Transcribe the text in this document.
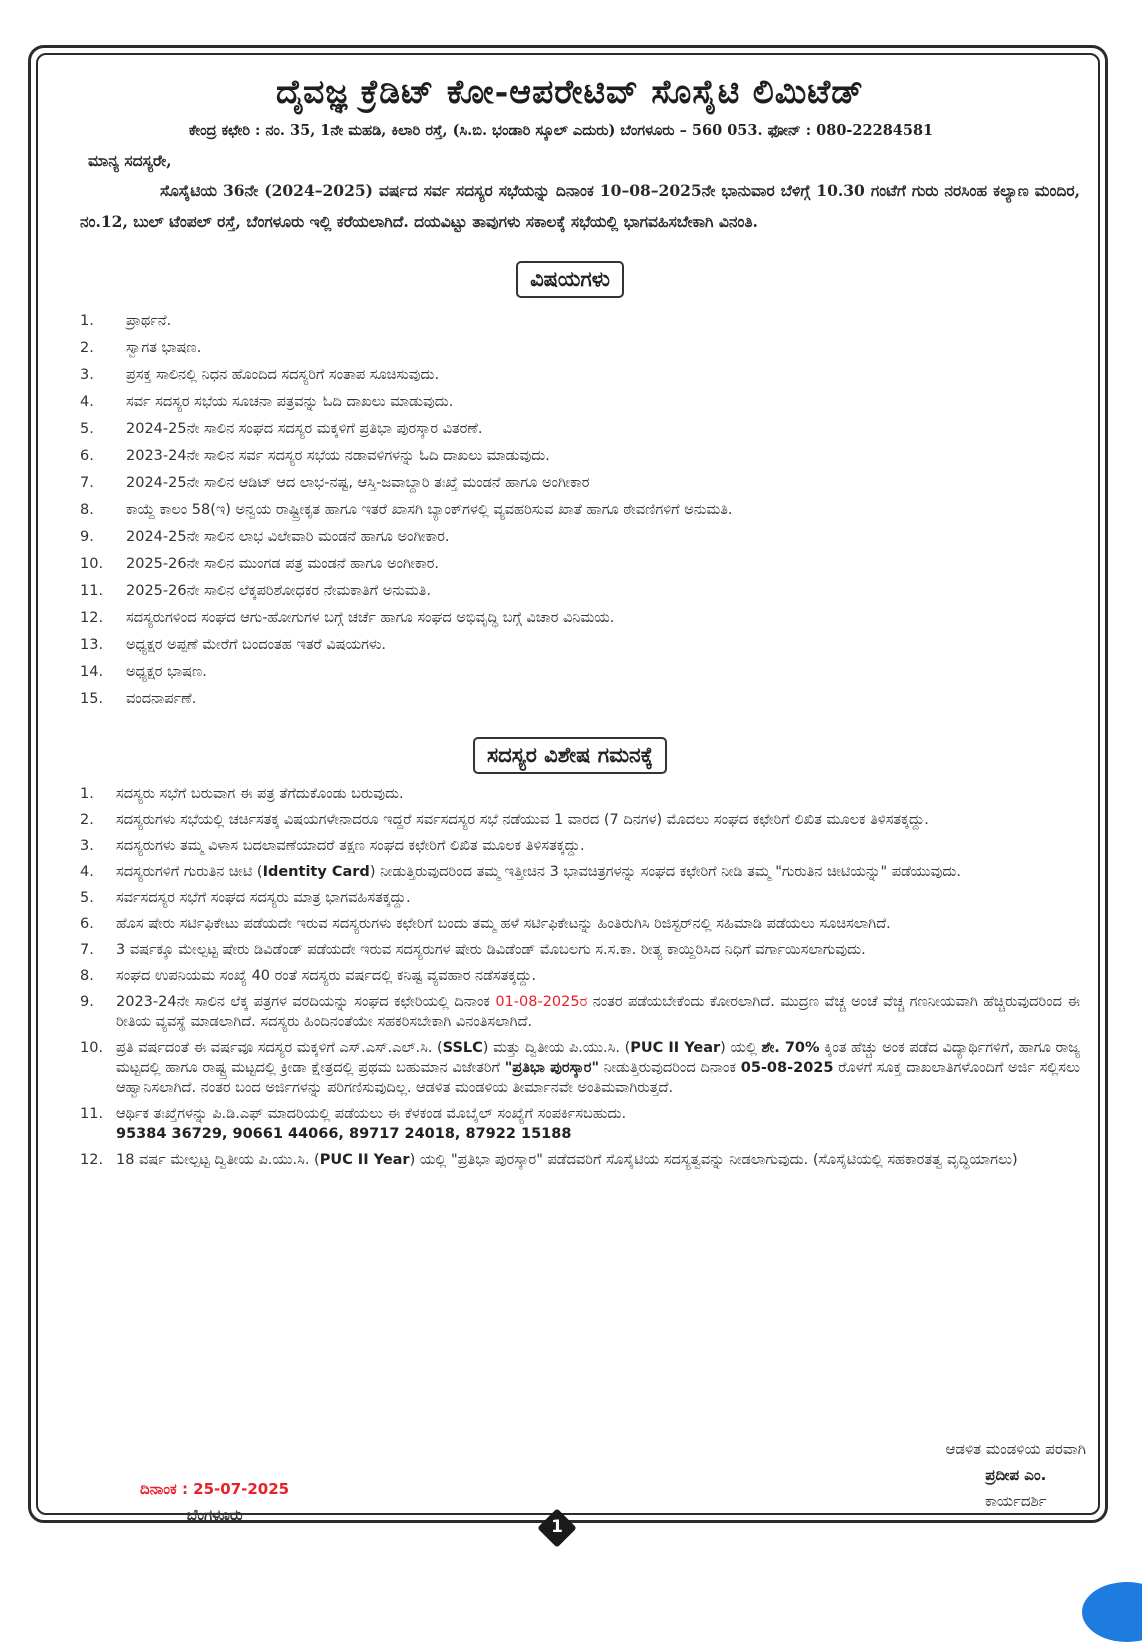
ದೈವಜ್ಞ ಕ್ರೆಡಿಟ್ ಕೋ-ಆಪರೇಟಿವ್ ಸೊಸೈಟಿ ಲಿಮಿಟೆಡ್
ಕೇಂದ್ರ ಕಛೇರಿ : ನಂ. 35, 1ನೇ ಮಹಡಿ, ಕಿಲಾರಿ ರಸ್ತೆ, (ಸಿ.ಬಿ. ಭಂಡಾರಿ ಸ್ಕೂಲ್ ಎದುರು) ಬೆಂಗಳೂರು – 560 053. ಫೋನ್ : 080-22284581
ಮಾನ್ಯ ಸದಸ್ಯರೇ,
ಸೊಸೈಟಿಯ 36ನೇ (2024–2025) ವರ್ಷದ ಸರ್ವ ಸದಸ್ಯರ ಸಭೆಯನ್ನು ದಿನಾಂಕ 10–08–2025ನೇ ಭಾನುವಾರ ಬೆಳಿಗ್ಗೆ 10.30 ಗಂಟೆಗೆ ಗುರು ನರಸಿಂಹ ಕಲ್ಯಾಣ ಮಂದಿರ, ನಂ.12, ಬುಲ್ ಟೆಂಪಲ್ ರಸ್ತೆ, ಬೆಂಗಳೂರು ಇಲ್ಲಿ ಕರೆಯಲಾಗಿದೆ. ದಯವಿಟ್ಟು ತಾವುಗಳು ಸಕಾಲಕ್ಕೆ ಸಭೆಯಲ್ಲಿ ಭಾಗವಹಿಸಬೇಕಾಗಿ ವಿನಂತಿ.
ವಿಷಯಗಳು
1.	ಪ್ರಾರ್ಥನೆ.
2.	ಸ್ವಾಗತ ಭಾಷಣ.
3.	ಪ್ರಸಕ್ತ ಸಾಲಿನಲ್ಲಿ ನಿಧನ ಹೊಂದಿದ ಸದಸ್ಯರಿಗೆ ಸಂತಾಪ ಸೂಚಿಸುವುದು.
4.	ಸರ್ವ ಸದಸ್ಯರ ಸಭೆಯ ಸೂಚನಾ ಪತ್ರವನ್ನು ಓದಿ ದಾಖಲು ಮಾಡುವುದು.
5.	2024-25ನೇ ಸಾಲಿನ ಸಂಘದ ಸದಸ್ಯರ ಮಕ್ಕಳಿಗೆ ಪ್ರತಿಭಾ ಪುರಸ್ಕಾರ ವಿತರಣೆ.
6.	2023-24ನೇ ಸಾಲಿನ ಸರ್ವ ಸದಸ್ಯರ ಸಭೆಯ ನಡಾವಳಿಗಳನ್ನು ಓದಿ ದಾಖಲು ಮಾಡುವುದು.
7.	2024-25ನೇ ಸಾಲಿನ ಆಡಿಟ್ ಆದ ಲಾಭ-ನಷ್ಟ, ಆಸ್ತಿ-ಜವಾಬ್ದಾರಿ ತಃಖ್ತೆ ಮಂಡನೆ ಹಾಗೂ ಅಂಗೀಕಾರ
8.	ಕಾಯ್ದೆ ಕಾಲಂ 58(ಇ) ಅನ್ವಯ ರಾಷ್ಟ್ರೀಕೃತ ಹಾಗೂ ಇತರೆ ಖಾಸಗಿ ಬ್ಯಾಂಕ್‌ಗಳಲ್ಲಿ ವ್ಯವಹರಿಸುವ ಖಾತೆ ಹಾಗೂ ಠೇವಣಿಗಳಿಗೆ ಅನುಮತಿ.
9.	2024-25ನೇ ಸಾಲಿನ ಲಾಭ ವಿಲೇವಾರಿ ಮಂಡನೆ ಹಾಗೂ ಅಂಗೀಕಾರ.
10.	2025-26ನೇ ಸಾಲಿನ ಮುಂಗಡ ಪತ್ರ ಮಂಡನೆ ಹಾಗೂ ಅಂಗೀಕಾರ.
11.	2025-26ನೇ ಸಾಲಿನ ಲೆಕ್ಕಪರಿಶೋಧಕರ ನೇಮಕಾತಿಗೆ ಅನುಮತಿ.
12.	ಸದಸ್ಯರುಗಳಿಂದ ಸಂಘದ ಆಗು-ಹೋಗುಗಳ ಬಗ್ಗೆ ಚರ್ಚೆ ಹಾಗೂ ಸಂಘದ ಅಭಿವೃದ್ಧಿ ಬಗ್ಗೆ ವಿಚಾರ ವಿನಿಮಯ.
13.	ಅಧ್ಯಕ್ಷರ ಅಪ್ಪಣೆ ಮೇರೆಗೆ ಬಂದಂತಹ ಇತರೆ ವಿಷಯಗಳು.
14.	ಅಧ್ಯಕ್ಷರ ಭಾಷಣ.
15.	ವಂದನಾರ್ಪಣೆ.
ಸದಸ್ಯರ ವಿಶೇಷ ಗಮನಕ್ಕೆ
1.	ಸದಸ್ಯರು ಸಭೆಗೆ ಬರುವಾಗ ಈ ಪತ್ರ ತೆಗೆದುಕೊಂಡು ಬರುವುದು.
2.	ಸದಸ್ಯರುಗಳು ಸಭೆಯಲ್ಲಿ ಚರ್ಚಿಸತಕ್ಕ ವಿಷಯಗಳೇನಾದರೂ ಇದ್ದರೆ ಸರ್ವಸದಸ್ಯರ ಸಭೆ ನಡೆಯುವ 1 ವಾರದ (7 ದಿನಗಳ) ಮೊದಲು ಸಂಘದ ಕಛೇರಿಗೆ ಲಿಖಿತ ಮೂಲಕ ತಿಳಿಸತಕ್ಕದ್ದು.
3.	ಸದಸ್ಯರುಗಳು ತಮ್ಮ ವಿಳಾಸ ಬದಲಾವಣೆಯಾದರೆ ತಕ್ಷಣ ಸಂಘದ ಕಛೇರಿಗೆ ಲಿಖಿತ ಮೂಲಕ ತಿಳಿಸತಕ್ಕದ್ದು.
4.	ಸದಸ್ಯರುಗಳಿಗೆ ಗುರುತಿನ ಚೀಟಿ (Identity Card) ನೀಡುತ್ತಿರುವುದರಿಂದ ತಮ್ಮ ಇತ್ತೀಚಿನ 3 ಭಾವಚಿತ್ರಗಳನ್ನು ಸಂಘದ ಕಛೇರಿಗೆ ನೀಡಿ ತಮ್ಮ "ಗುರುತಿನ ಚೀಟಿಯನ್ನು" ಪಡೆಯುವುದು.
5.	ಸರ್ವಸದಸ್ಯರ ಸಭೆಗೆ ಸಂಘದ ಸದಸ್ಯರು ಮಾತ್ರ ಭಾಗವಹಿಸತಕ್ಕದ್ದು.
6.	ಹೊಸ ಷೇರು ಸರ್ಟಿಫಿಕೇಟು ಪಡೆಯದೇ ಇರುವ ಸದಸ್ಯರುಗಳು ಕಛೇರಿಗೆ ಬಂದು ತಮ್ಮ ಹಳೆ ಸರ್ಟಿಫಿಕೇಟನ್ನು ಹಿಂತಿರುಗಿಸಿ ರಿಜಿಸ್ಟರ್‌ನಲ್ಲಿ ಸಹಿಮಾಡಿ ಪಡೆಯಲು ಸೂಚಿಸಲಾಗಿದೆ.
7.	3 ವರ್ಷಕ್ಕೂ ಮೇಲ್ಪಟ್ಟ ಷೇರು ಡಿವಿಡೆಂಡ್ ಪಡೆಯದೇ ಇರುವ ಸದಸ್ಯರುಗಳ ಷೇರು ಡಿವಿಡೆಂಡ್ ಮೊಬಲಗು ಸ.ಸ.ಕಾ. ರೀತ್ಯ ಕಾಯ್ದಿರಿಸಿದ ನಿಧಿಗೆ ವರ್ಗಾಯಿಸಲಾಗುವುದು.
8.	ಸಂಘದ ಉಪನಿಯಮ ಸಂಖ್ಯೆ 40 ರಂತೆ ಸದಸ್ಯರು ವರ್ಷದಲ್ಲಿ ಕನಿಷ್ಟ ವ್ಯವಹಾರ ನಡೆಸತಕ್ಕದ್ದು.
9.	2023-24ನೇ ಸಾಲಿನ ಲೆಕ್ಕ ಪತ್ರಗಳ ವರದಿಯನ್ನು ಸಂಘದ ಕಛೇರಿಯಲ್ಲಿ ದಿನಾಂಕ 01-08-2025ರ ನಂತರ ಪಡೆಯಬೇಕೆಂದು ಕೋರಲಾಗಿದೆ. ಮುದ್ರಣ ವೆಚ್ಚ ಅಂಚೆ ವೆಚ್ಚ ಗಣನೀಯವಾಗಿ ಹೆಚ್ಚಿರುವುದರಿಂದ ಈ ರೀತಿಯ ವ್ಯವಸ್ಥೆ ಮಾಡಲಾಗಿದೆ. ಸದಸ್ಯರು ಹಿಂದಿನಂತೆಯೇ ಸಹಕರಿಸಬೇಕಾಗಿ ವಿನಂತಿಸಲಾಗಿದೆ.
10. ಪ್ರತಿ ವರ್ಷದಂತೆ ಈ ವರ್ಷವೂ ಸದಸ್ಯರ ಮಕ್ಕಳಿಗೆ ಎಸ್.ಎಸ್.ಎಲ್.ಸಿ. (SSLC) ಮತ್ತು ದ್ವಿತೀಯ ಪಿ.ಯು.ಸಿ. (PUC II Year) ಯಲ್ಲಿ ಶೇ. 70% ಕ್ಕಿಂತ ಹೆಚ್ಚು ಅಂಕ ಪಡೆದ ವಿದ್ಯಾರ್ಥಿಗಳಿಗೆ, ಹಾಗೂ ರಾಜ್ಯ ಮಟ್ಟದಲ್ಲಿ ಹಾಗೂ ರಾಷ್ಟ್ರ ಮಟ್ಟದಲ್ಲಿ ಕ್ರೀಡಾ ಕ್ಷೇತ್ರದಲ್ಲಿ ಪ್ರಥಮ ಬಹುಮಾನ ವಿಜೇತರಿಗೆ "ಪ್ರತಿಭಾ ಪುರಸ್ಕಾರ" ನೀಡುತ್ತಿರುವುದರಿಂದ ದಿನಾಂಕ 05-08-2025 ರೊಳಗೆ ಸೂಕ್ತ ದಾಖಲಾತಿಗಳೊಂದಿಗೆ ಅರ್ಜಿ ಸಲ್ಲಿಸಲು ಆಹ್ವಾನಿಸಲಾಗಿದೆ. ನಂತರ ಬಂದ ಅರ್ಜಿಗಳನ್ನು ಪರಿಗಣಿಸುವುದಿಲ್ಲ. ಆಡಳಿತ ಮಂಡಳಿಯ ತೀರ್ಮಾನವೇ ಅಂತಿಮವಾಗಿರುತ್ತದೆ.
11. ಆರ್ಥಿಕ ತಃಖ್ತೆಗಳನ್ನು ಪಿ.ಡಿ.ಎಫ್ ಮಾದರಿಯಲ್ಲಿ ಪಡೆಯಲು ಈ ಕೆಳಕಂಡ ಮೊಬೈಲ್ ಸಂಖ್ಯೆಗೆ ಸಂಪರ್ಕಿಸಬಹುದು.
95384 36729, 90661 44066, 89717 24018, 87922 15188
12. 18 ವರ್ಷ ಮೇಲ್ಪಟ್ಟ ದ್ವಿತೀಯ ಪಿ.ಯು.ಸಿ. (PUC II Year) ಯಲ್ಲಿ "ಪ್ರತಿಭಾ ಪುರಸ್ಕಾರ" ಪಡೆದವರಿಗೆ ಸೊಸೈಟಿಯ ಸದಸ್ಯತ್ವವನ್ನು ನೀಡಲಾಗುವುದು. (ಸೊಸೈಟಿಯಲ್ಲಿ ಸಹಕಾರತತ್ವ ವೃದ್ಧಿಯಾಗಲು)
ಆಡಳಿತ ಮಂಡಳಿಯ ಪರವಾಗಿ
ಪ್ರದೀಪ ಎಂ.
ಕಾರ್ಯದರ್ಶಿ
ದಿನಾಂಕ : 25-07-2025
ಬೆಂಗಳೂರು
1
